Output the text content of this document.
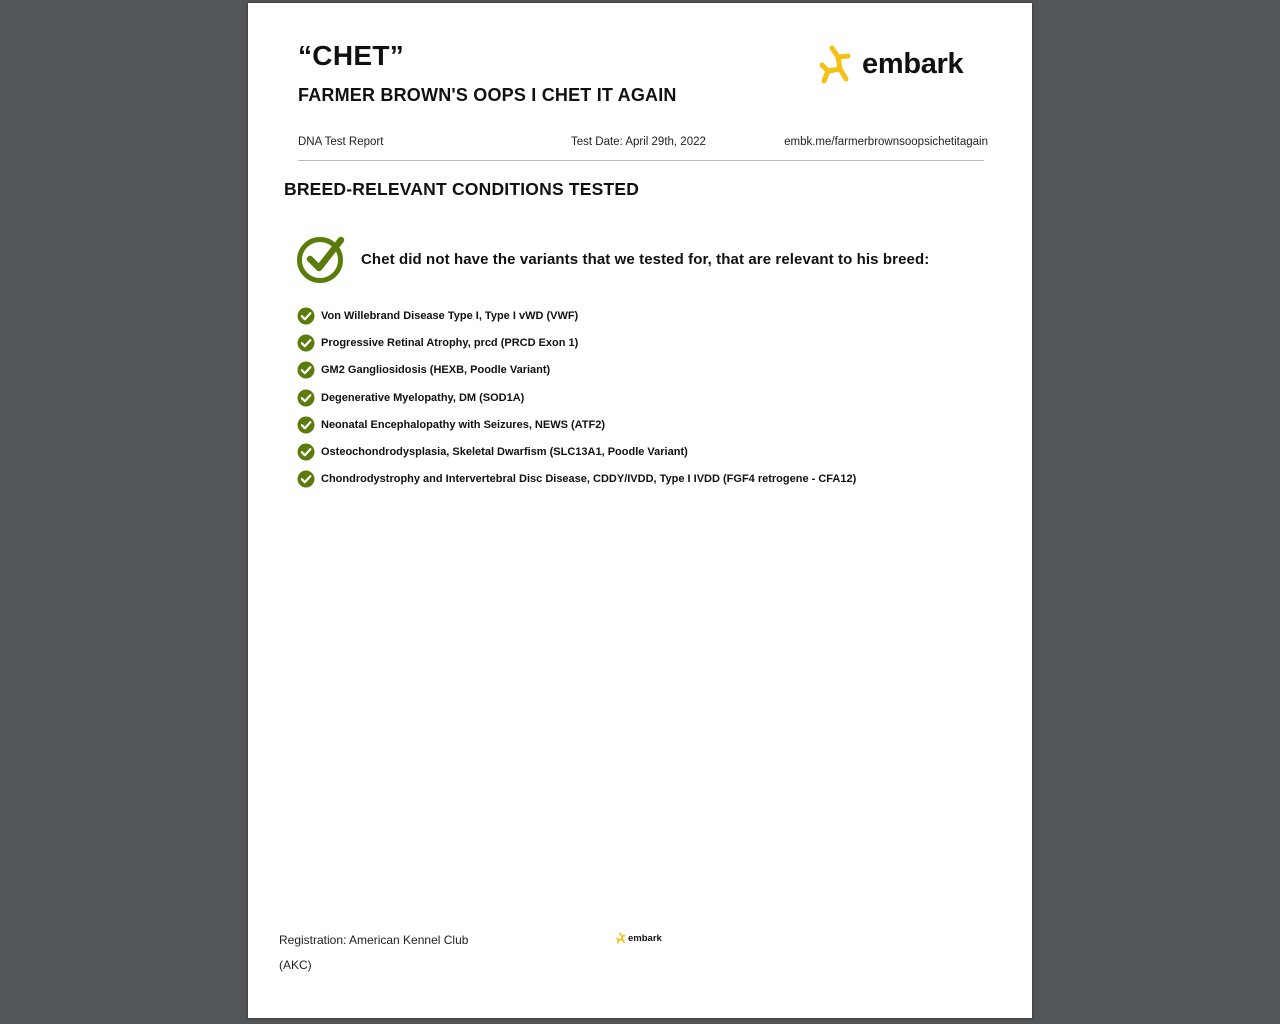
“CHET”
FARMER BROWN'S OOPS I CHET IT AGAIN
embark
DNA Test Report	Test Date: April 29th, 2022	embk.me/farmerbrownsoopsichetitagain
BREED-RELEVANT CONDITIONS TESTED
Chet did not have the variants that we tested for, that are relevant to his breed:
Von Willebrand Disease Type I, Type I vWD (VWF)
Progressive Retinal Atrophy, prcd (PRCD Exon 1)
GM2 Gangliosidosis (HEXB, Poodle Variant)
Degenerative Myelopathy, DM (SOD1A)
Neonatal Encephalopathy with Seizures, NEWS (ATF2)
Osteochondrodysplasia, Skeletal Dwarfism (SLC13A1, Poodle Variant)
Chondrodystrophy and Intervertebral Disc Disease, CDDY/IVDD, Type I IVDD (FGF4 retrogene - CFA12)
Registration: American Kennel Club (AKC)
embark
